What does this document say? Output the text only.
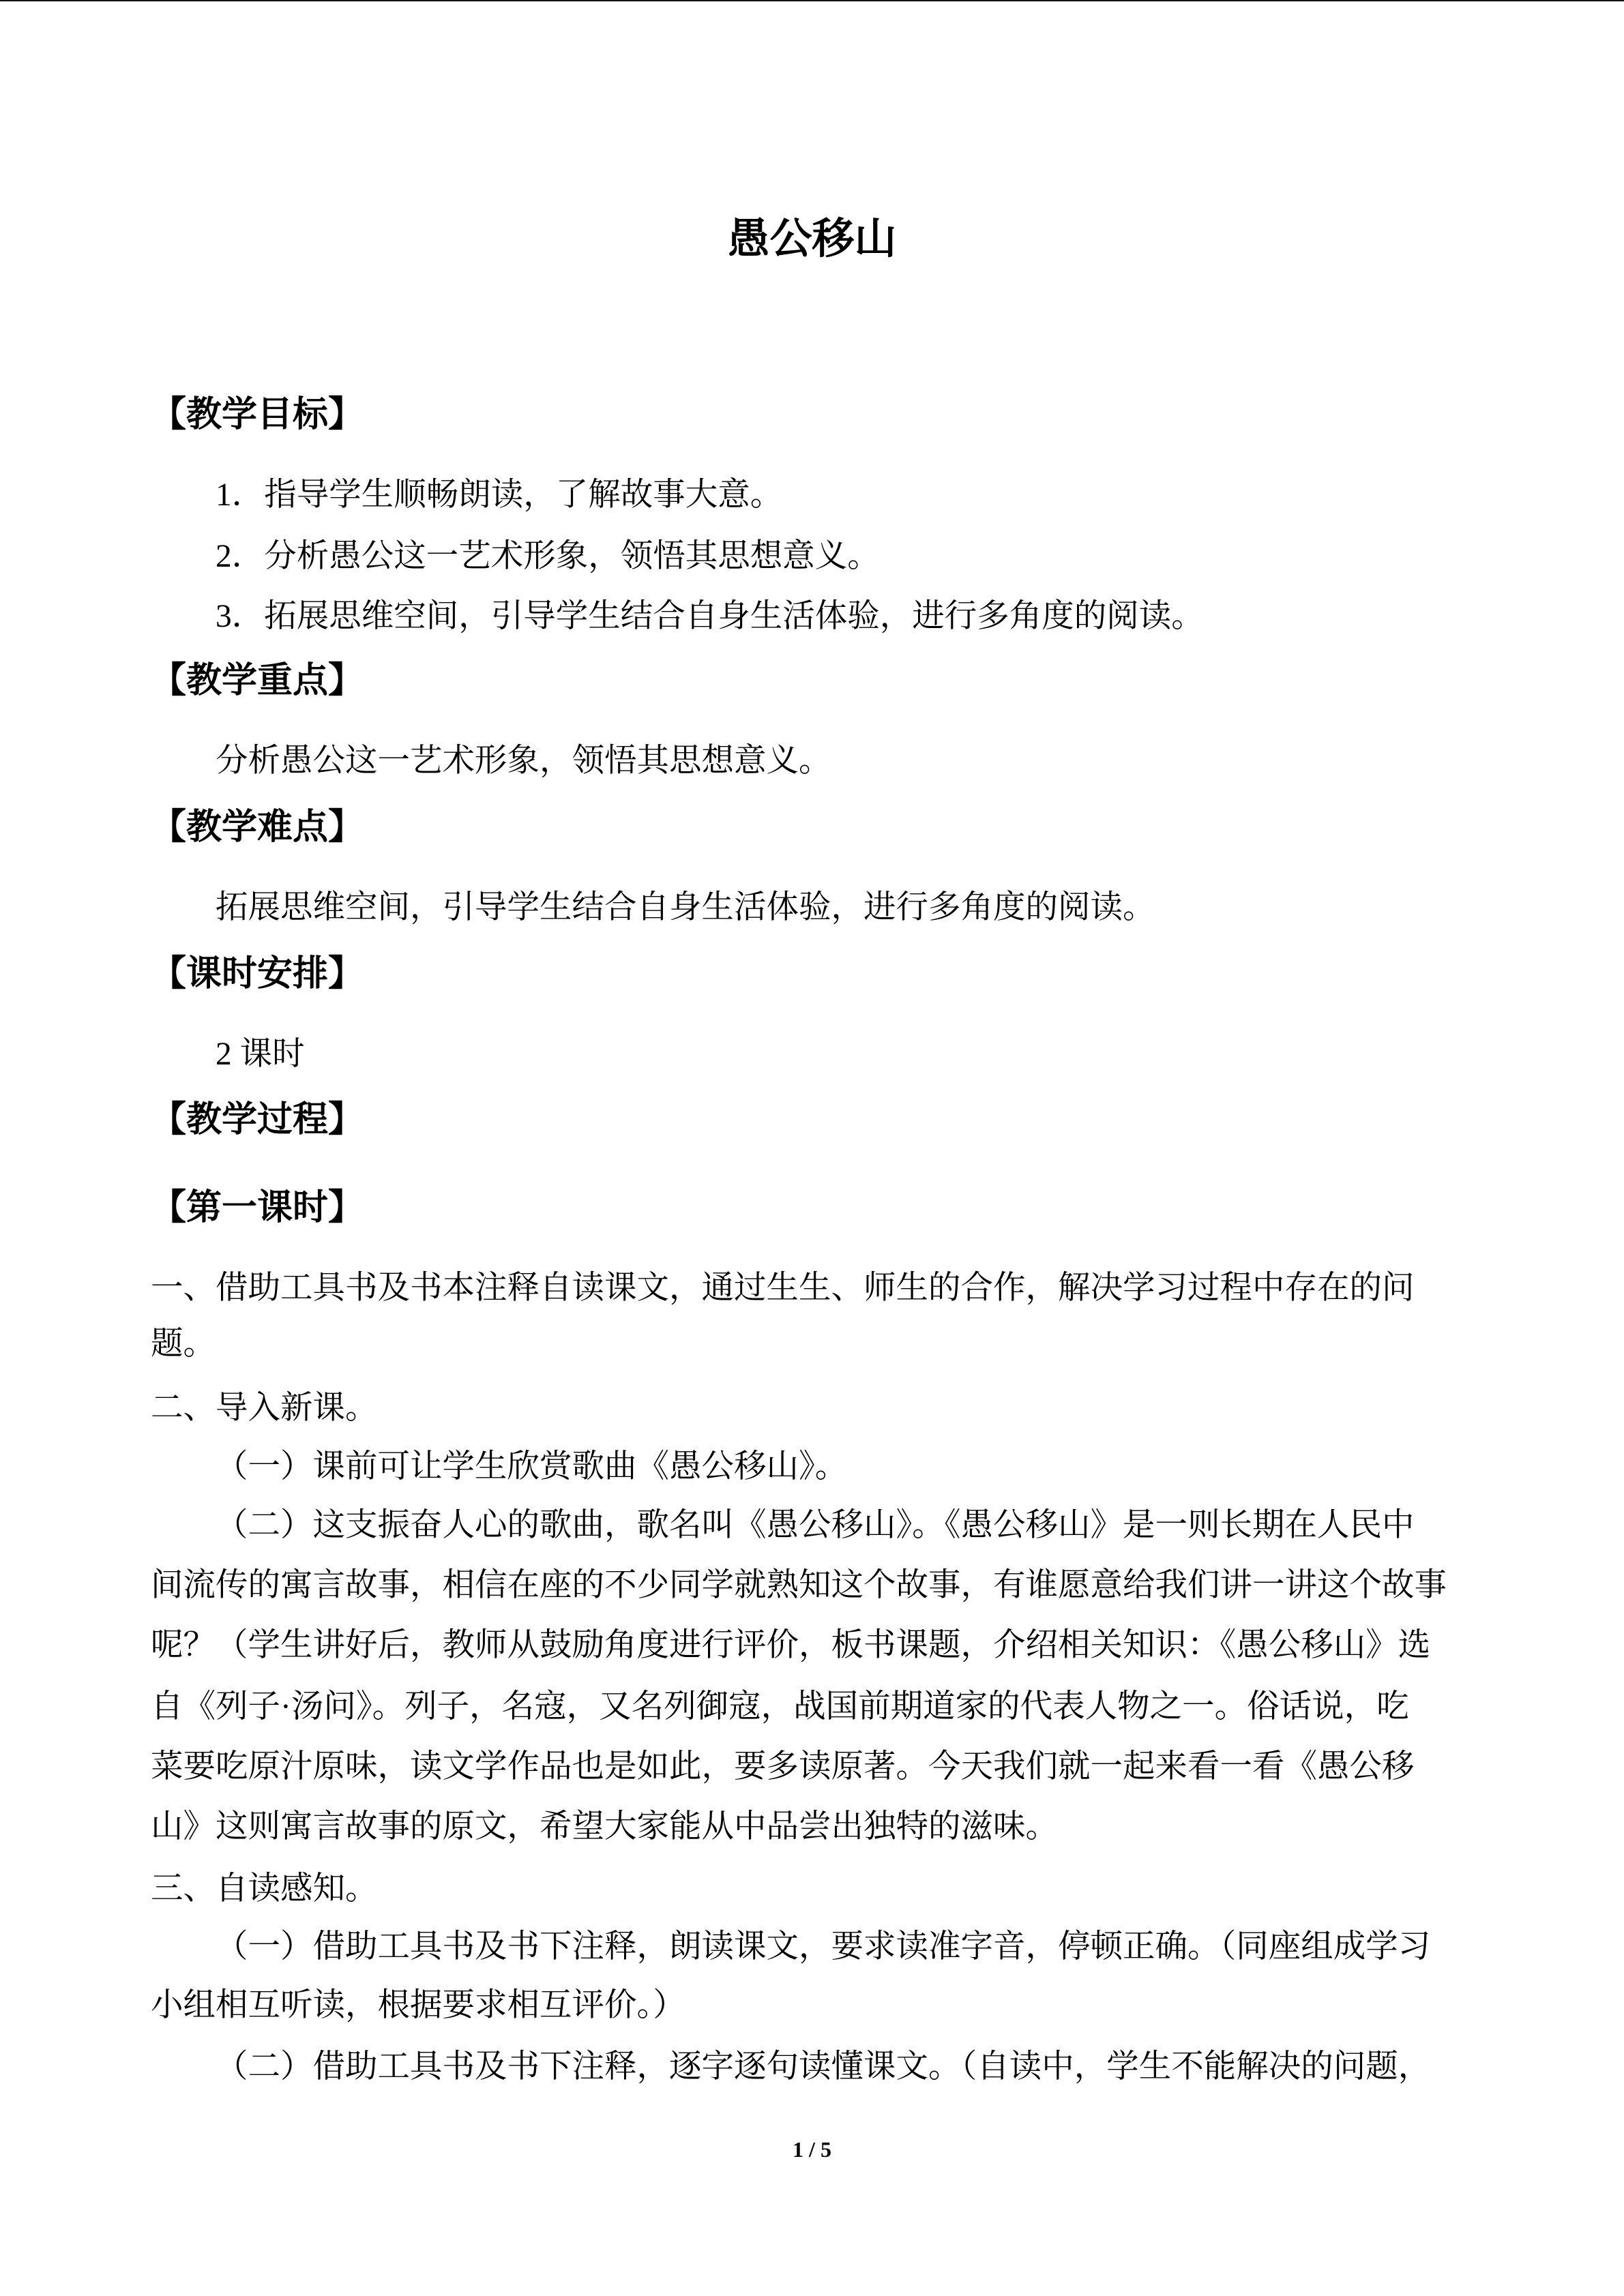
愚公移山
【教学目标】
1．指导学生顺畅朗读，了解故事大意。
2．分析愚公这一艺术形象，领悟其思想意义。
3．拓展思维空间，引导学生结合自身生活体验，进行多角度的阅读。
【教学重点】
分析愚公这一艺术形象，领悟其思想意义。
【教学难点】
拓展思维空间，引导学生结合自身生活体验，进行多角度的阅读。
【课时安排】
2 课时
【教学过程】
【第一课时】
一、借助工具书及书本注释自读课文，通过生生、师生的合作，解决学习过程中存在的问
题。
二、导入新课。
（一）课前可让学生欣赏歌曲《愚公移山》。
（二）这支振奋人心的歌曲，歌名叫《愚公移山》。《愚公移山》是一则长期在人民中
间流传的寓言故事，相信在座的不少同学就熟知这个故事，有谁愿意给我们讲一讲这个故事
呢？（学生讲好后，教师从鼓励角度进行评价，板书课题，介绍相关知识：《愚公移山》选
自《列子·汤问》。列子，名寇，又名列御寇，战国前期道家的代表人物之一。俗话说，吃
菜要吃原汁原味，读文学作品也是如此，要多读原著。今天我们就一起来看一看《愚公移
山》这则寓言故事的原文，希望大家能从中品尝出独特的滋味。
三、自读感知。
（一）借助工具书及书下注释，朗读课文，要求读准字音，停顿正确。（同座组成学习
小组相互听读，根据要求相互评价。）
（二）借助工具书及书下注释，逐字逐句读懂课文。（自读中，学生不能解决的问题，
1 / 5
